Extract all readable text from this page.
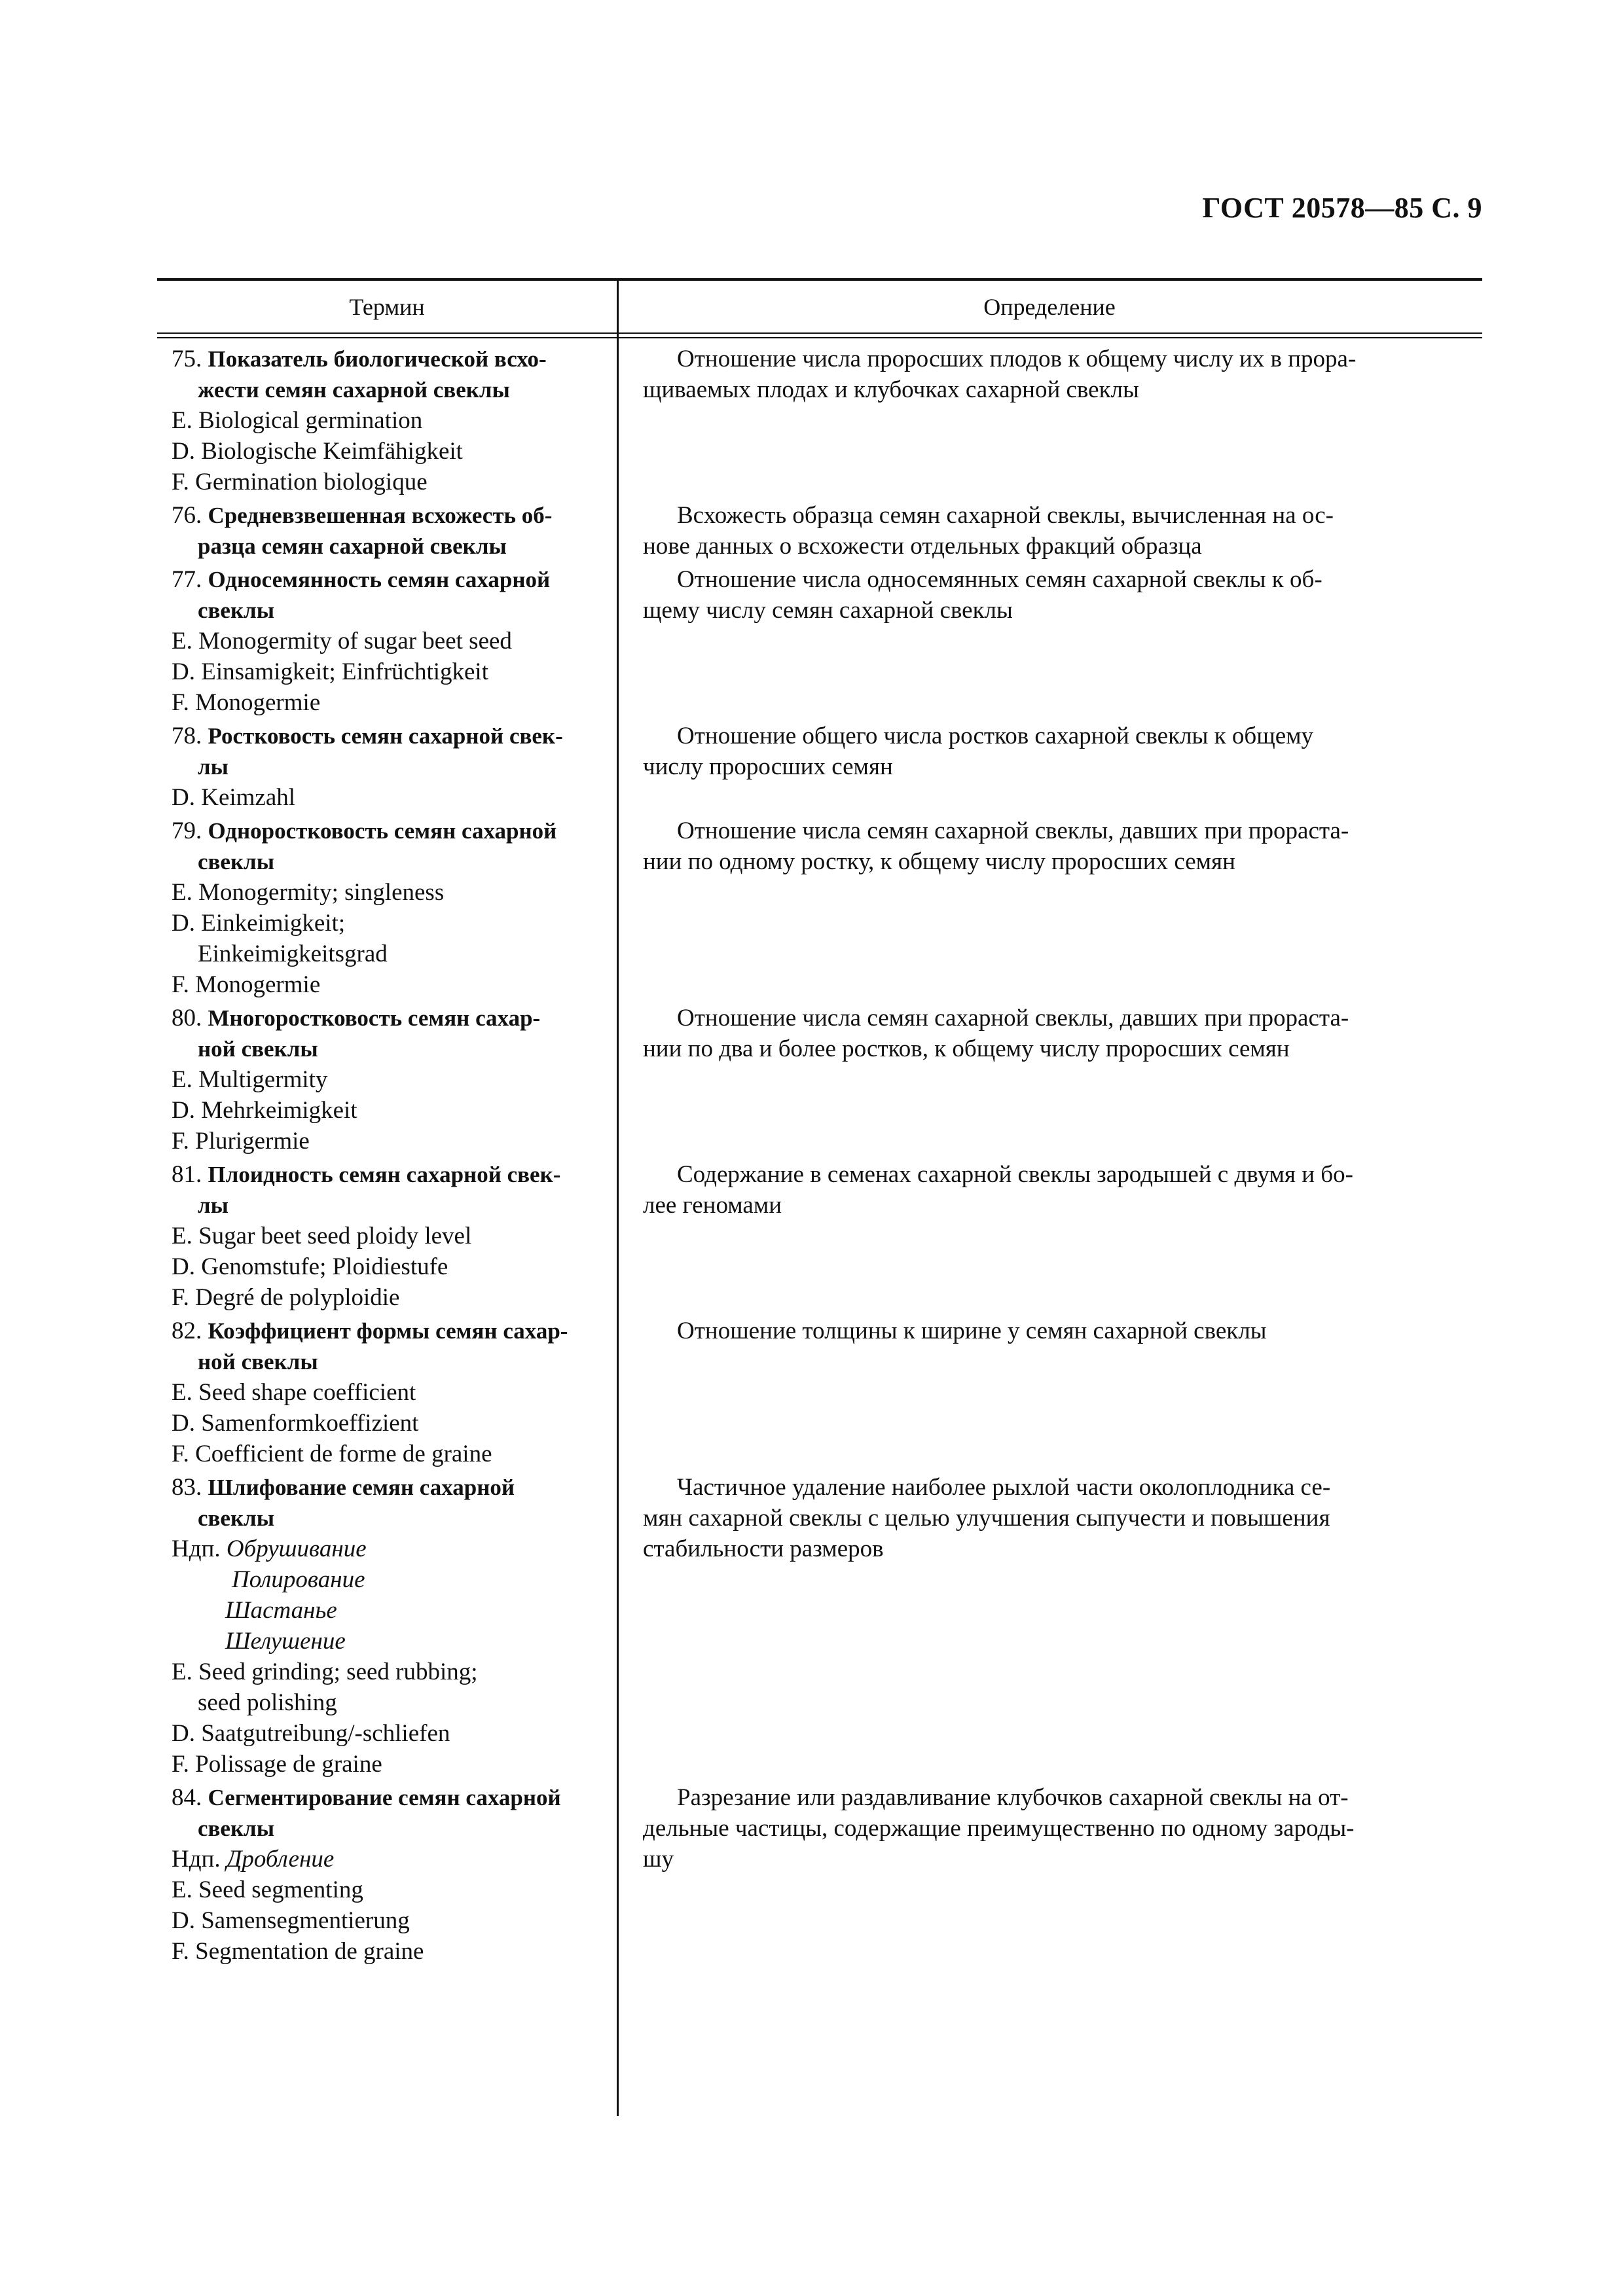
ГОСТ 20578—85 С. 9
Термин	Определение
75. Показатель биологической всхо-
жести семян сахарной свеклы
E. Biological germination
D. Biologische Keimfähigkeit
F. Germination biologique
Отношение числа проросших плодов к общему числу их в прора-
щиваемых плодах и клубочках сахарной свеклы
76. Средневзвешенная всхожесть об-
разца семян сахарной свеклы
Всхожесть образца семян сахарной свеклы, вычисленная на ос-
нове данных о всхожести отдельных фракций образца
77. Односемянность семян сахарной
свеклы
E. Monogermity of sugar beet seed
D. Einsamigkeit; Einfrüchtigkeit
F. Monogermie
Отношение числа односемянных семян сахарной свеклы к об-
щему числу семян сахарной свеклы
78. Ростковость семян сахарной свек-
лы
D. Keimzahl
Отношение общего числа ростков сахарной свеклы к общему
числу проросших семян
79. Одноростковость семян сахарной
свеклы
E. Monogermity; singleness
D. Einkeimigkeit;
Einkeimigkeitsgrad
F. Monogermie
Отношение числа семян сахарной свеклы, давших при прораста-
нии по одному ростку, к общему числу проросших семян
80. Многоростковость семян сахар-
ной свеклы
E. Multigermity
D. Mehrkeimigkeit
F. Plurigermie
Отношение числа семян сахарной свеклы, давших при прораста-
нии по два и более ростков, к общему числу проросших семян
81. Плоидность семян сахарной свек-
лы
E. Sugar beet seed ploidy level
D. Genomstufe; Ploidiestufe
F. Degré de polyploidie
Содержание в семенах сахарной свеклы зародышей с двумя и бо-
лее геномами
82. Коэффициент формы семян сахар-
ной свеклы
E. Seed shape coefficient
D. Samenformkoeffizient
F. Coefficient de forme de graine
Отношение толщины к ширине у семян сахарной свеклы
83. Шлифование семян сахарной
свеклы
Ндп. Обрушивание
Полирование
Шастанье
Шелушение
E. Seed grinding; seed rubbing;
seed polishing
D. Saatgutreibung/-schliefen
F. Polissage de graine
Частичное удаление наиболее рыхлой части околоплодника се-
мян сахарной свеклы с целью улучшения сыпучести и повышения
стабильности размеров
84. Сегментирование семян сахарной
свеклы
Ндп. Дробление
E. Seed segmenting
D. Samensegmentierung
F. Segmentation de graine
Разрезание или раздавливание клубочков сахарной свеклы на от-
дельные частицы, содержащие преимущественно по одному зароды-
шу
